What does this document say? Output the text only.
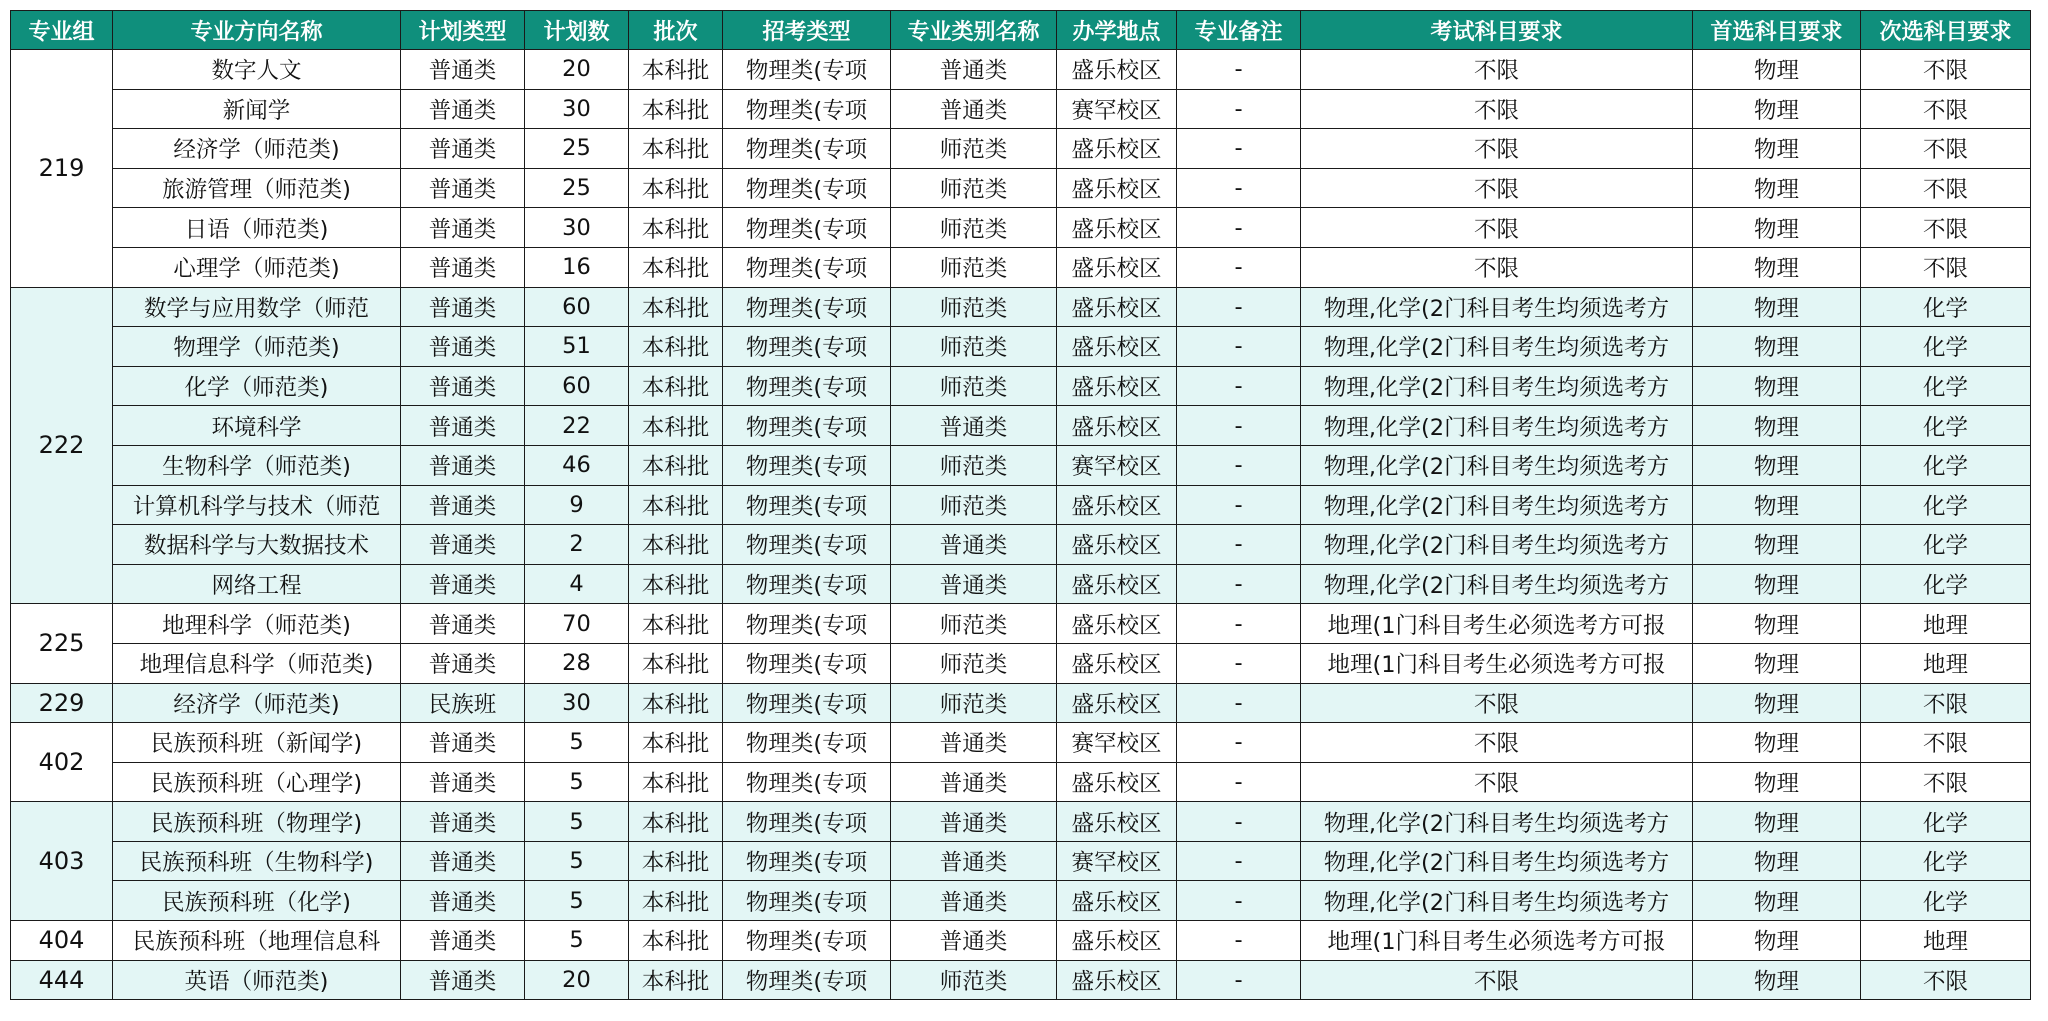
专业组	专业方向名称	计划类型	计划数	批次	招考类型	专业类别名称	办学地点	专业备注	考试科目要求	首选科目要求	次选科目要求
219	数字人文	普通类	20	本科批	物理类(专项	普通类	盛乐校区	-	不限	物理	不限
	新闻学	普通类	30	本科批	物理类(专项	普通类	赛罕校区	-	不限	物理	不限
	经济学（师范类)	普通类	25	本科批	物理类(专项	师范类	盛乐校区	-	不限	物理	不限
	旅游管理（师范类)	普通类	25	本科批	物理类(专项	师范类	盛乐校区	-	不限	物理	不限
	日语（师范类)	普通类	30	本科批	物理类(专项	师范类	盛乐校区	-	不限	物理	不限
	心理学（师范类)	普通类	16	本科批	物理类(专项	师范类	盛乐校区	-	不限	物理	不限
222	数学与应用数学（师范	普通类	60	本科批	物理类(专项	师范类	盛乐校区	-	物理,化学(2门科目考生均须选考方	物理	化学
	物理学（师范类)	普通类	51	本科批	物理类(专项	师范类	盛乐校区	-	物理,化学(2门科目考生均须选考方	物理	化学
	化学（师范类)	普通类	60	本科批	物理类(专项	师范类	盛乐校区	-	物理,化学(2门科目考生均须选考方	物理	化学
	环境科学	普通类	22	本科批	物理类(专项	普通类	盛乐校区	-	物理,化学(2门科目考生均须选考方	物理	化学
	生物科学（师范类)	普通类	46	本科批	物理类(专项	师范类	赛罕校区	-	物理,化学(2门科目考生均须选考方	物理	化学
	计算机科学与技术（师范	普通类	9	本科批	物理类(专项	师范类	盛乐校区	-	物理,化学(2门科目考生均须选考方	物理	化学
	数据科学与大数据技术	普通类	2	本科批	物理类(专项	普通类	盛乐校区	-	物理,化学(2门科目考生均须选考方	物理	化学
	网络工程	普通类	4	本科批	物理类(专项	普通类	盛乐校区	-	物理,化学(2门科目考生均须选考方	物理	化学
225	地理科学（师范类)	普通类	70	本科批	物理类(专项	师范类	盛乐校区	-	地理(1门科目考生必须选考方可报	物理	地理
	地理信息科学（师范类)	普通类	28	本科批	物理类(专项	师范类	盛乐校区	-	地理(1门科目考生必须选考方可报	物理	地理
229	经济学（师范类)	民族班	30	本科批	物理类(专项	师范类	盛乐校区	-	不限	物理	不限
402	民族预科班（新闻学)	普通类	5	本科批	物理类(专项	普通类	赛罕校区	-	不限	物理	不限
	民族预科班（心理学)	普通类	5	本科批	物理类(专项	普通类	盛乐校区	-	不限	物理	不限
403	民族预科班（物理学)	普通类	5	本科批	物理类(专项	普通类	盛乐校区	-	物理,化学(2门科目考生均须选考方	物理	化学
	民族预科班（生物科学)	普通类	5	本科批	物理类(专项	普通类	赛罕校区	-	物理,化学(2门科目考生均须选考方	物理	化学
	民族预科班（化学)	普通类	5	本科批	物理类(专项	普通类	盛乐校区	-	物理,化学(2门科目考生均须选考方	物理	化学
404	民族预科班（地理信息科	普通类	5	本科批	物理类(专项	普通类	盛乐校区	-	地理(1门科目考生必须选考方可报	物理	地理
444	英语（师范类)	普通类	20	本科批	物理类(专项	师范类	盛乐校区	-	不限	物理	不限
